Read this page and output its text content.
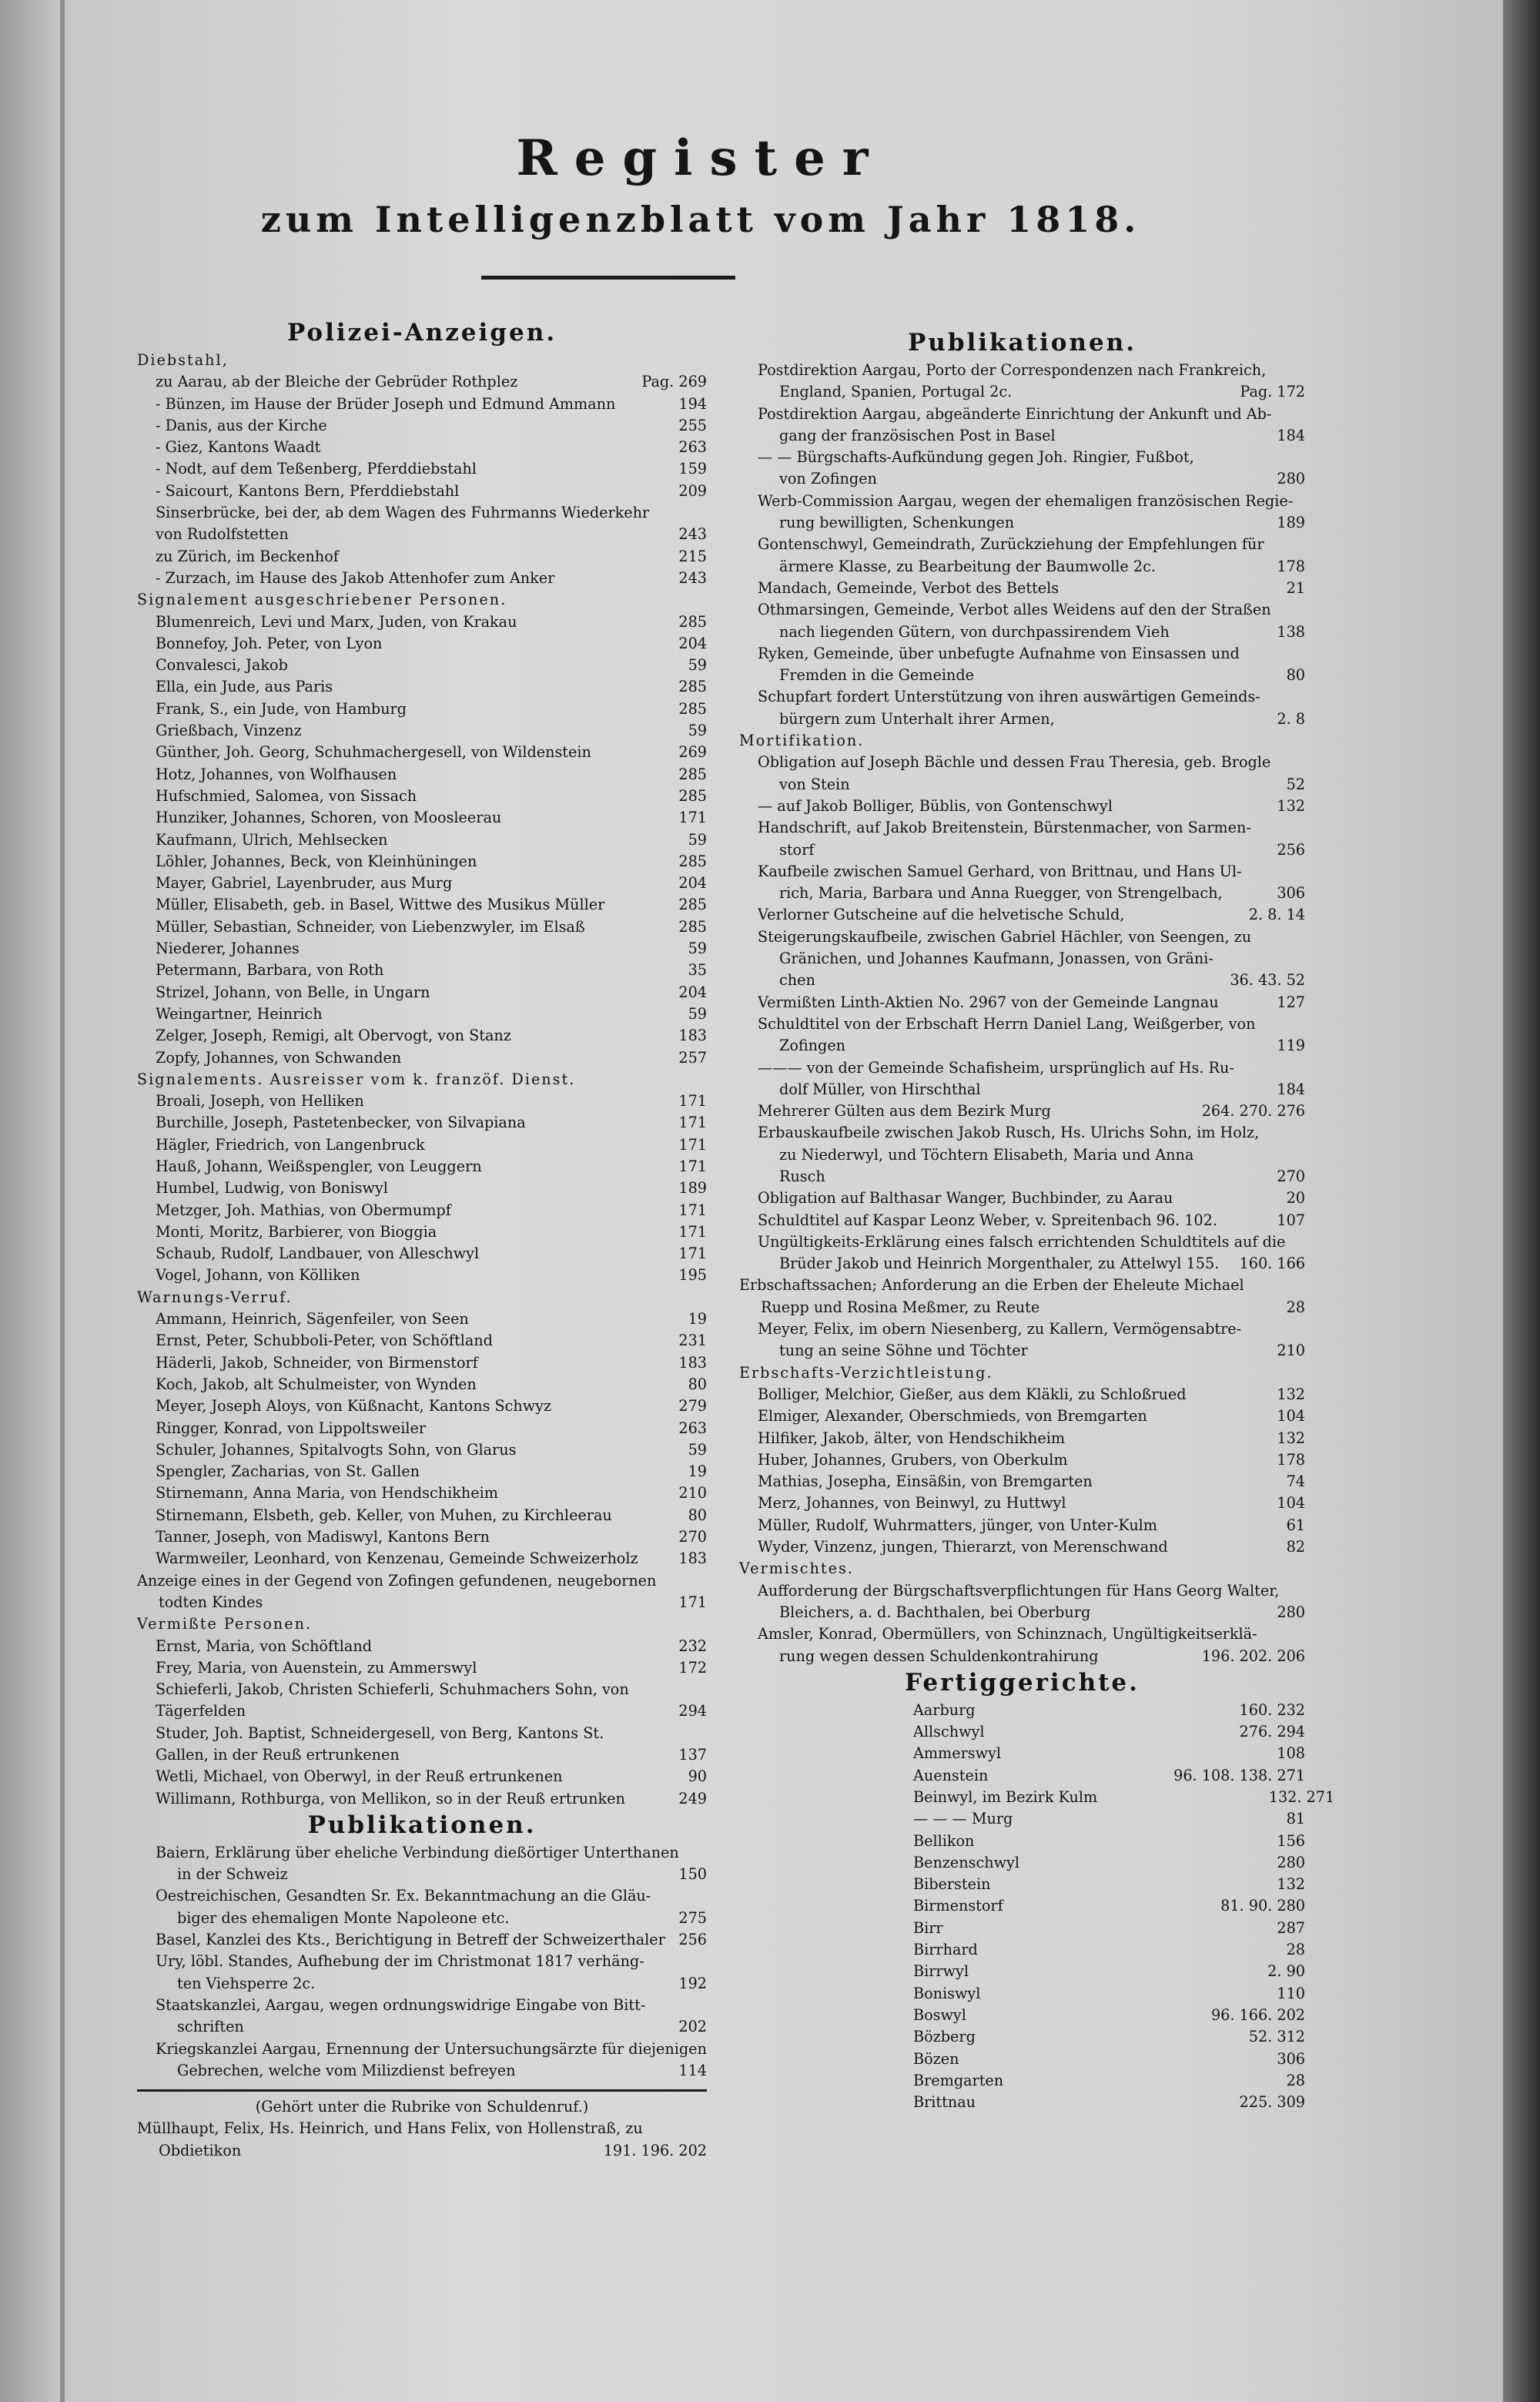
Register
zum Intelligenzblatt vom Jahr 1818.
Polizei-Anzeigen.
Diebstahl,
zu Aarau, ab der Bleiche der Gebrüder Rothplez	Pag. 269
- Bünzen, im Hause der Brüder Joseph und Edmund Ammann	194
- Danis, aus der Kirche	255
- Giez, Kantons Waadt	263
- Nodt, auf dem Teßenberg, Pferddiebstahl	159
- Saicourt, Kantons Bern, Pferddiebstahl	209
Sinserbrücke, bei der, ab dem Wagen des Fuhrmanns Wiederkehr
von Rudolfstetten	243
zu Zürich, im Beckenhof	215
- Zurzach, im Hause des Jakob Attenhofer zum Anker	243
Signalement ausgeschriebener Personen.
Blumenreich, Levi und Marx, Juden, von Krakau	285
Bonnefoy, Joh. Peter, von Lyon	204
Convalesci, Jakob	59
Ella, ein Jude, aus Paris	285
Frank, S., ein Jude, von Hamburg	285
Grießbach, Vinzenz	59
Günther, Joh. Georg, Schuhmachergesell, von Wildenstein	269
Hotz, Johannes, von Wolfhausen	285
Hufschmied, Salomea, von Sissach	285
Hunziker, Johannes, Schoren, von Moosleerau	171
Kaufmann, Ulrich, Mehlsecken	59
Löhler, Johannes, Beck, von Kleinhüningen	285
Mayer, Gabriel, Layenbruder, aus Murg	204
Müller, Elisabeth, geb. in Basel, Wittwe des Musikus Müller	285
Müller, Sebastian, Schneider, von Liebenzwyler, im Elsaß	285
Niederer, Johannes	59
Petermann, Barbara, von Roth	35
Strizel, Johann, von Belle, in Ungarn	204
Weingartner, Heinrich	59
Zelger, Joseph, Remigi, alt Obervogt, von Stanz	183
Zopfy, Johannes, von Schwanden	257
Signalements. Ausreisser vom k. franzöf. Dienst.
Broali, Joseph, von Helliken	171
Burchille, Joseph, Pastetenbecker, von Silvapiana	171
Hägler, Friedrich, von Langenbruck	171
Hauß, Johann, Weißspengler, von Leuggern	171
Humbel, Ludwig, von Boniswyl	189
Metzger, Joh. Mathias, von Obermumpf	171
Monti, Moritz, Barbierer, von Bioggia	171
Schaub, Rudolf, Landbauer, von Alleschwyl	171
Vogel, Johann, von Kölliken	195
Warnungs-Verruf.
Ammann, Heinrich, Sägenfeiler, von Seen	19
Ernst, Peter, Schubboli-Peter, von Schöftland	231
Häderli, Jakob, Schneider, von Birmenstorf	183
Koch, Jakob, alt Schulmeister, von Wynden	80
Meyer, Joseph Aloys, von Küßnacht, Kantons Schwyz	279
Ringger, Konrad, von Lippoltsweiler	263
Schuler, Johannes, Spitalvogts Sohn, von Glarus	59
Spengler, Zacharias, von St. Gallen	19
Stirnemann, Anna Maria, von Hendschikheim	210
Stirnemann, Elsbeth, geb. Keller, von Muhen, zu Kirchleerau	80
Tanner, Joseph, von Madiswyl, Kantons Bern	270
Warmweiler, Leonhard, von Kenzenau, Gemeinde Schweizerholz	183
Anzeige eines in der Gegend von Zofingen gefundenen, neugebornen
todten Kindes	171
Vermißte Personen.
Ernst, Maria, von Schöftland	232
Frey, Maria, von Auenstein, zu Ammerswyl	172
Schieferli, Jakob, Christen Schieferli, Schuhmachers Sohn, von
Tägerfelden	294
Studer, Joh. Baptist, Schneidergesell, von Berg, Kantons St.
Gallen, in der Reuß ertrunkenen	137
Wetli, Michael, von Oberwyl, in der Reuß ertrunkenen	90
Willimann, Rothburga, von Mellikon, so in der Reuß ertrunken	249
Publikationen.
Baiern, Erklärung über eheliche Verbindung dießörtiger Unterthanen
in der Schweiz	150
Oestreichischen, Gesandten Sr. Ex. Bekanntmachung an die Gläu-
biger des ehemaligen Monte Napoleone etc.	275
Basel, Kanzlei des Kts., Berichtigung in Betreff der Schweizerthaler 256
Ury, löbl. Standes, Aufhebung der im Christmonat 1817 verhäng-
ten Viehsperre 2c.	192
Staatskanzlei, Aargau, wegen ordnungswidrige Eingabe von Bitt-
schriften	202
Kriegskanzlei Aargau, Ernennung der Untersuchungsärzte für diejenigen
Gebrechen, welche vom Milizdienst befreyen	114
(Gehört unter die Rubrike von Schuldenruf.)
Müllhaupt, Felix, Hs. Heinrich, und Hans Felix, von Hollenstraß, zu
Obdietikon	191. 196. 202
Publikationen.
Postdirektion Aargau, Porto der Correspondenzen nach Frankreich,
England, Spanien, Portugal 2c.	Pag. 172
Postdirektion Aargau, abgeänderte Einrichtung der Ankunft und Ab-
gang der französischen Post in Basel	184
— — Bürgschafts-Aufkündung gegen Joh. Ringier, Fußbot,
von Zofingen	280
Werb-Commission Aargau, wegen der ehemaligen französischen Regie-
rung bewilligten, Schenkungen	189
Gontenschwyl, Gemeindrath, Zurückziehung der Empfehlungen für
ärmere Klasse, zu Bearbeitung der Baumwolle 2c.	178
Mandach, Gemeinde, Verbot des Bettels	21
Othmarsingen, Gemeinde, Verbot alles Weidens auf den der Straßen
nach liegenden Gütern, von durchpassirendem Vieh	138
Ryken, Gemeinde, über unbefugte Aufnahme von Einsassen und
Fremden in die Gemeinde	80
Schupfart fordert Unterstützung von ihren auswärtigen Gemeinds-
bürgern zum Unterhalt ihrer Armen,	2. 8
Mortifikation.
Obligation auf Joseph Bächle und dessen Frau Theresia, geb. Brogle
von Stein	52
— auf Jakob Bolliger, Büblis, von Gontenschwyl	132
Handschrift, auf Jakob Breitenstein, Bürstenmacher, von Sarmen-
storf	256
Kaufbeile zwischen Samuel Gerhard, von Brittnau, und Hans Ul-
rich, Maria, Barbara und Anna Ruegger, von Strengelbach,	306
Verlorner Gutscheine auf die helvetische Schuld,	2. 8. 14
Steigerungskaufbeile, zwischen Gabriel Hächler, von Seengen, zu
Gränichen, und Johannes Kaufmann, Jonassen, von Gräni-chen	36. 43. 52
Vermißten Linth-Aktien No. 2967 von der Gemeinde Langnau	127
Schuldtitel von der Erbschaft Herrn Daniel Lang, Weißgerber, von
Zofingen	119
——— von der Gemeinde Schafisheim, ursprünglich auf Hs. Ru-
dolf Müller, von Hirschthal	184
Mehrerer Gülten aus dem Bezirk Murg	264. 270. 276
Erbauskaufbeile zwischen Jakob Rusch, Hs. Ulrichs Sohn, im Holz,
zu Niederwyl, und Töchtern Elisabeth, Maria und Anna Rusch	270
Obligation auf Balthasar Wanger, Buchbinder, zu Aarau	20
Schuldtitel auf Kaspar Leonz Weber, v. Spreitenbach 96. 102.	107
Ungültigkeits-Erklärung eines falsch errichtenden Schuldtitels auf die
Brüder Jakob und Heinrich Morgenthaler, zu Attelwyl 155.	160. 166
Erbschaftssachen; Anforderung an die Erben der Eheleute Michael
Ruepp und Rosina Meßmer, zu Reute	28
Meyer, Felix, im obern Niesenberg, zu Kallern, Vermögensabtre-
tung an seine Söhne und Töchter	210
Erbschafts-Verzichtleistung.
Bolliger, Melchior, Gießer, aus dem Kläkli, zu Schloßrued	132
Elmiger, Alexander, Oberschmieds, von Bremgarten	104
Hilfiker, Jakob, älter, von Hendschikheim	132
Huber, Johannes, Grubers, von Oberkulm	178
Mathias, Josepha, Einsäßin, von Bremgarten	74
Merz, Johannes, von Beinwyl, zu Huttwyl	104
Müller, Rudolf, Wuhrmatters, jünger, von Unter-Kulm	61
Wyder, Vinzenz, jungen, Thierarzt, von Merenschwand	82
Vermischtes.
Aufforderung der Bürgschaftsverpflichtungen für Hans Georg Walter,
Bleichers, a. d. Bachthalen, bei Oberburg	280
Amsler, Konrad, Obermüllers, von Schinznach, Ungültigkeitserklä-
rung wegen dessen Schuldenkontrahirung	196. 202. 206
Fertiggerichte.
Aarburg	160. 232
Allschwyl	276. 294
Ammerswyl	108
Auenstein	96. 108. 138. 271
Beinwyl, im Bezirk Kulm	132. 271
— — — Murg	81
Bellikon	156
Benzenschwyl	280
Biberstein	132
Birmenstorf	81. 90. 280
Birr	287
Birrhard	28
Birrwyl	2. 90
Boniswyl	110
Boswyl	96. 166. 202
Bözberg	52. 312
Bözen	306
Bremgarten	28
Brittnau	225. 309
